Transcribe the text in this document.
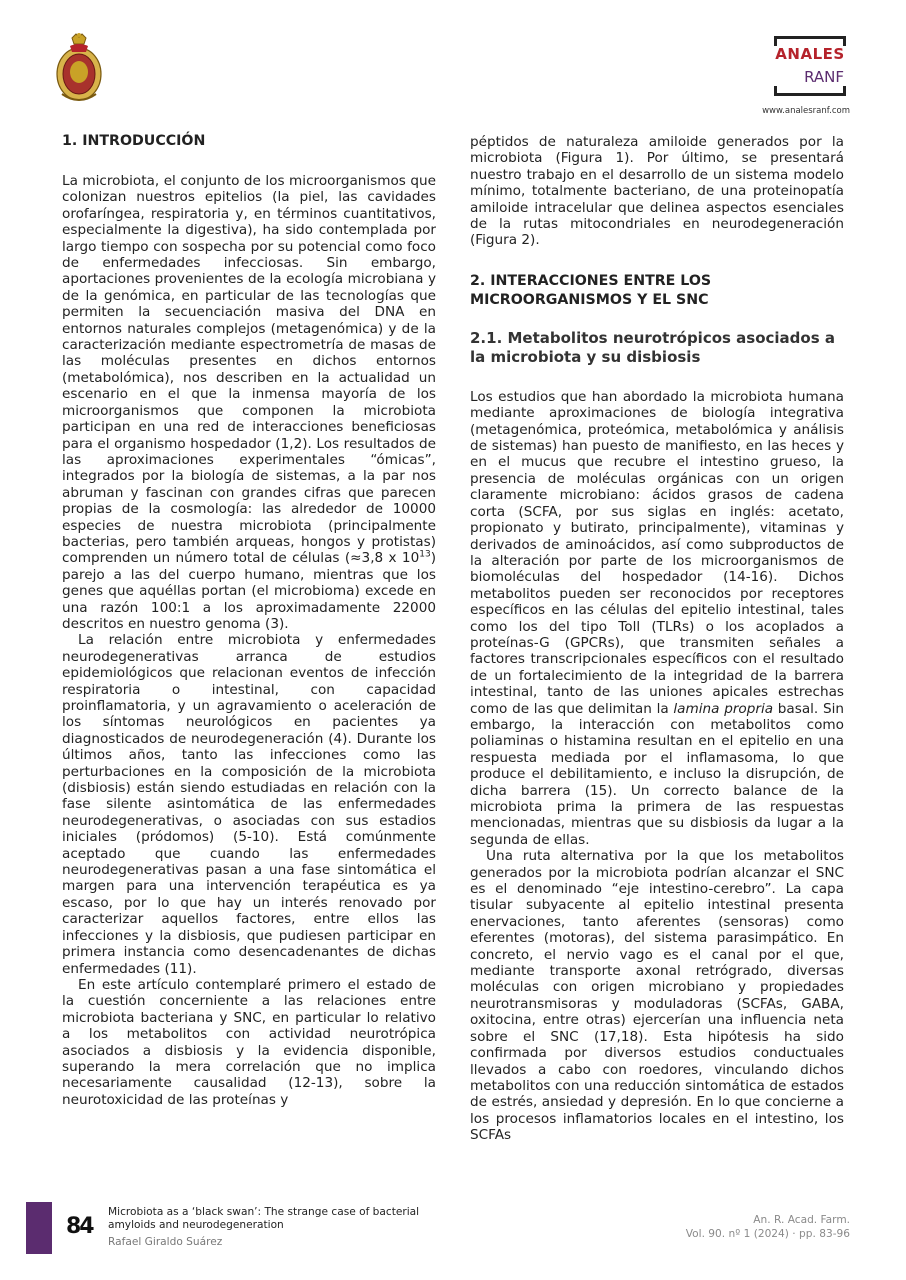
ANALES
RANF
www.analesranf.com
1. INTRODUCCIÓN

La microbiota, el conjunto de los microorganismos que colonizan nuestros epitelios (la piel, las cavidades orofaríngea, respiratoria y, en términos cuantitativos, especialmente la digestiva), ha sido contemplada por largo tiempo con sospecha por su potencial como foco de enfermedades infecciosas. Sin embargo, aportaciones provenientes de la ecología microbiana y de la genómica, en particular de las tecnologías que permiten la secuenciación masiva del DNA en entornos naturales complejos (metagenómica) y de la caracterización mediante espectrometría de masas de las moléculas presentes en dichos entornos (metabolómica), nos describen en la actualidad un escenario en el que la inmensa mayoría de los microorganismos que componen la microbiota participan en una red de interacciones beneficiosas para el organismo hospedador (1,2). Los resultados de las aproximaciones experimentales “ómicas”, integrados por la biología de sistemas, a la par nos abruman y fascinan con grandes cifras que parecen propias de la cosmología: las alrededor de 10000 especies de nuestra microbiota (principalmente bacterias, pero también arqueas, hongos y protistas) comprenden un número total de células (≈3,8 x $10^{13}$) parejo a las del cuerpo humano, mientras que los genes que aquéllas portan (el microbioma) excede en una razón 100:1 a los aproximadamente 22000 descritos en nuestro genoma (3).

La relación entre microbiota y enfermedades neurodegenerativas arranca de estudios epidemiológicos que relacionan eventos de infección respiratoria o intestinal, con capacidad proinflamatoria, y un agravamiento o aceleración de los síntomas neurológicos en pacientes ya diagnosticados de neurodegeneración (4). Durante los últimos años, tanto las infecciones como las perturbaciones en la composición de la microbiota (disbiosis) están siendo estudiadas en relación con la fase silente asintomática de las enfermedades neurodegenerativas, o asociadas con sus estadios iniciales (pródomos) (5-10). Está comúnmente aceptado que cuando las enfermedades neurodegenerativas pasan a una fase sintomática el margen para una intervención terapéutica es ya escaso, por lo que hay un interés renovado por caracterizar aquellos factores, entre ellos las infecciones y la disbiosis, que pudiesen participar en primera instancia como desencadenantes de dichas enfermedades (11).

En este artículo contemplaré primero el estado de la cuestión concerniente a las relaciones entre microbiota bacteriana y SNC, en particular lo relativo a los metabolitos con actividad neurotrópica asociados a disbiosis y la evidencia disponible, superando la mera correlación que no implica necesariamente causalidad (12-13), sobre la neurotoxicidad de las proteínas y

péptidos de naturaleza amiloide generados por la microbiota (Figura 1). Por último, se presentará nuestro trabajo en el desarrollo de un sistema modelo mínimo, totalmente bacteriano, de una proteinopatía amiloide intracelular que delinea aspectos esenciales de la rutas mitocondriales en neurodegeneración (Figura 2).

2. INTERACCIONES ENTRE LOS MICROORGANISMOS Y EL SNC
2.1. Metabolitos neurotrópicos asociados a la microbiota y su disbiosis

Los estudios que han abordado la microbiota humana mediante aproximaciones de biología integrativa (metagenómica, proteómica, metabolómica y análisis de sistemas) han puesto de manifiesto, en las heces y en el mucus que recubre el intestino grueso, la presencia de moléculas orgánicas con un origen claramente microbiano: ácidos grasos de cadena corta (SCFA, por sus siglas en inglés: acetato, propionato y butirato, principalmente), vitaminas y derivados de aminoácidos, así como subproductos de la alteración por parte de los microorganismos de biomoléculas del hospedador (14-16). Dichos metabolitos pueden ser reconocidos por receptores específicos en las células del epitelio intestinal, tales como los del tipo Toll (TLRs) o los acoplados a proteínas-G (GPCRs), que transmiten señales a factores transcripcionales específicos con el resultado de un fortalecimiento de la integridad de la barrera intestinal, tanto de las uniones apicales estrechas como de las que delimitan la lamina propria basal. Sin embargo, la interacción con metabolitos como poliaminas o histamina resultan en el epitelio en una respuesta mediada por el inflamasoma, lo que produce el debilitamiento, e incluso la disrupción, de dicha barrera (15). Un correcto balance de la microbiota prima la primera de las respuestas mencionadas, mientras que su disbiosis da lugar a la segunda de ellas.

Una ruta alternativa por la que los metabolitos generados por la microbiota podrían alcanzar el SNC es el denominado “eje intestino-cerebro”. La capa tisular subyacente al epitelio intestinal presenta enervaciones, tanto aferentes (sensoras) como eferentes (motoras), del sistema parasimpático. En concreto, el nervio vago es el canal por el que, mediante transporte axonal retrógrado, diversas moléculas con origen microbiano y propiedades neurotransmisoras y moduladoras (SCFAs, GABA, oxitocina, entre otras) ejercerían una influencia neta sobre el SNC (17,18). Esta hipótesis ha sido confirmada por diversos estudios conductuales llevados a cabo con roedores, vinculando dichos metabolitos con una reducción sintomática de estados de estrés, ansiedad y depresión. En lo que concierne a los procesos inflamatorios locales en el intestino, los SCFAs

84
Microbiota as a ‘black swan’: The strange case of bacterial amyloids and neurodegeneration
Rafael Giraldo Suárez
An. R. Acad. Farm.
Vol. 90. nº 1 (2024) · pp. 83-96
